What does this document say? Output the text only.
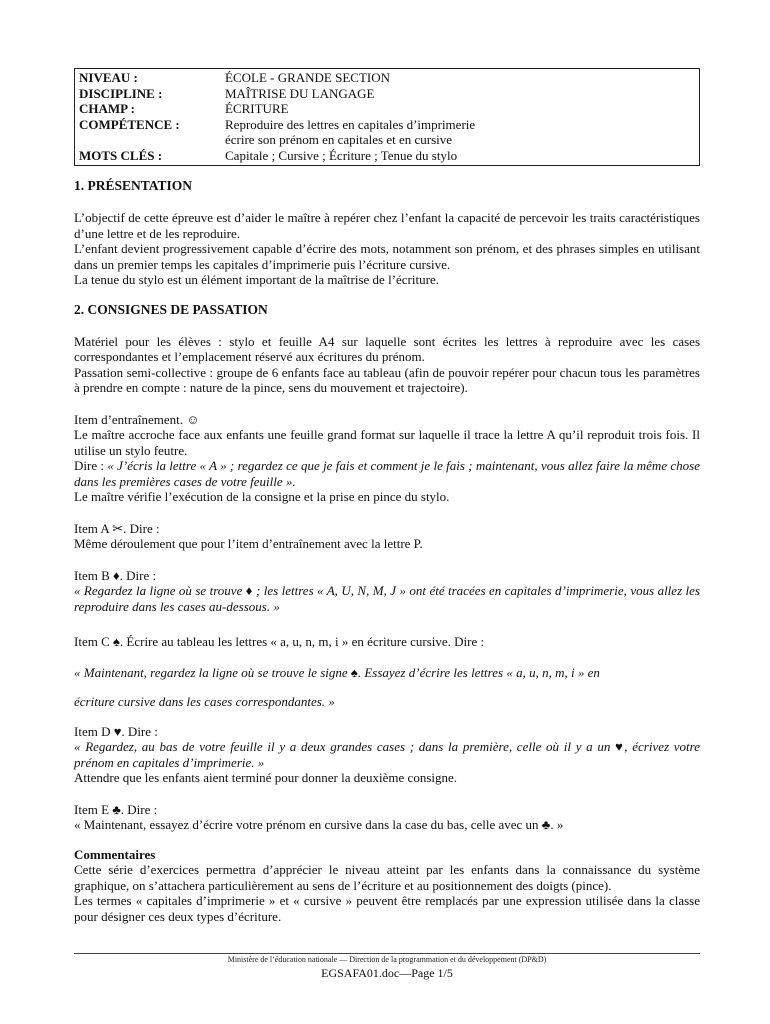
NIVEAU :	ÉCOLE - GRANDE SECTION
DISCIPLINE :	MAÎTRISE DU LANGAGE
CHAMP :	ÉCRITURE
COMPÉTENCE :	Reproduire des lettres en capitales d’imprimerie
écrire son prénom en capitales et en cursive
MOTS CLÉS :	Capitale ; Cursive ; Écriture ; Tenue du stylo
1. PRÉSENTATION

L’objectif de cette épreuve est d’aider le maître à repérer chez l’enfant la capacité de percevoir les traits caractéristiques d’une lettre et de les reproduire.

L’enfant devient progressivement capable d’écrire des mots, notamment son prénom, et des phrases simples en utilisant dans un premier temps les capitales d’imprimerie puis l’écriture cursive.

La tenue du stylo est un élément important de la maîtrise de l’écriture.

2. CONSIGNES DE PASSATION

Matériel pour les élèves : stylo et feuille A4 sur laquelle sont écrites les lettres à reproduire avec les cases correspondantes et l’emplacement réservé aux écritures du prénom.

Passation semi-collective : groupe de 6 enfants face au tableau (afin de pouvoir repérer pour chacun tous les paramètres à prendre en compte : nature de la pince, sens du mouvement et trajectoire).

Item d’entraînement. ☺

Le maître accroche face aux enfants une feuille grand format sur laquelle il trace la lettre A qu’il reproduit trois fois. Il utilise un stylo feutre.

Dire : « J’écris la lettre « A » ; regardez ce que je fais et comment je le fais ; maintenant, vous allez faire la même chose dans les premières cases de votre feuille ».

Le maître vérifie l’exécution de la consigne et la prise en pince du stylo.

Item A ✂. Dire :

Même déroulement que pour l’item d’entraînement avec la lettre P.

Item B ♦. Dire :

« Regardez la ligne où se trouve ♦ ; les lettres « A, U, N, M, J » ont été tracées en capitales d’imprimerie, vous allez les reproduire dans les cases au-dessous. »

Item C ♠. Écrire au tableau les lettres « a, u, n, m, i » en écriture cursive. Dire :

« Maintenant, regardez la ligne où se trouve le signe ♠. Essayez d’écrire les lettres « a, u, n, m, i » en

écriture cursive dans les cases correspondantes. »

Item D ♥. Dire :

« Regardez, au bas de votre feuille il y a deux grandes cases ; dans la première, celle où il y a un ♥, écrivez votre prénom en capitales d’imprimerie. »

Attendre que les enfants aient terminé pour donner la deuxième consigne.

Item E ♣. Dire :

« Maintenant, essayez d’écrire votre prénom en cursive dans la case du bas, celle avec un ♣. »

Commentaires

Cette série d’exercices permettra d’apprécier le niveau atteint par les enfants dans la connaissance du système graphique, on s’attachera particulièrement au sens de l’écriture et au positionnement des doigts (pince).

Les termes « capitales d’imprimerie » et « cursive » peuvent être remplacés par une expression utilisée dans la classe pour désigner ces deux types d’écriture.

Ministère de l’éducation nationale — Direction de la programmation et du développement (DP&D)
EGSAFA01.doc—Page 1/5
